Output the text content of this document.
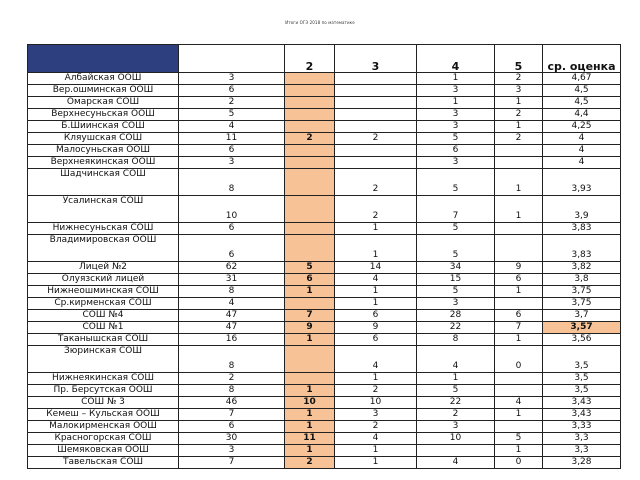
Итоги ОГЭ 2018 по математике
		2	3	4	5	ср. оценка
Албайская ООШ	3			1	2	4,67
Вер.ошминская ООШ	6			3	3	4,5
Омарская СОШ	2			1	1	4,5
Верхнесуньская ООШ	5			3	2	4,4
Б.Шиинская СОШ	4			3	1	4,25
Кляушская СОШ	11	2	2	5	2	4
Малосуньская ООШ	6			6		4
Верхнеякинская ООШ	3			3		4
Шадчинская СОШ	8		2	5	1	3,93
Усалинская СОШ	10		2	7	1	3,9
Нижнесуньская СОШ	6		1	5		3,83
Владимировская ООШ	6		1	5		3,83
Лицей №2	62	5	14	34	9	3,82
Олуязский лицей	31	6	4	15	6	3,8
Нижнеошминская СОШ	8	1	1	5	1	3,75
Ср.кирменская СОШ	4		1	3		3,75
СОШ №4	47	7	6	28	6	3,7
СОШ №1	47	9	9	22	7	3,57
Таканышская СОШ	16	1	6	8	1	3,56
Зюринская СОШ	8		4	4	0	3,5
Нижнеякинская СОШ	2		1	1		3,5
Пр. Берсутская ООШ	8	1	2	5		3,5
СОШ № 3	46	10	10	22	4	3,43
Кемеш – Кульская ООШ	7	1	3	2	1	3,43
Малокирменская ООШ	6	1	2	3		3,33
Красногорская СОШ	30	11	4	10	5	3,3
Шемяковская ООШ	3	1	1		1	3,3
Тавельская СОШ	7	2	1	4	0	3,28
